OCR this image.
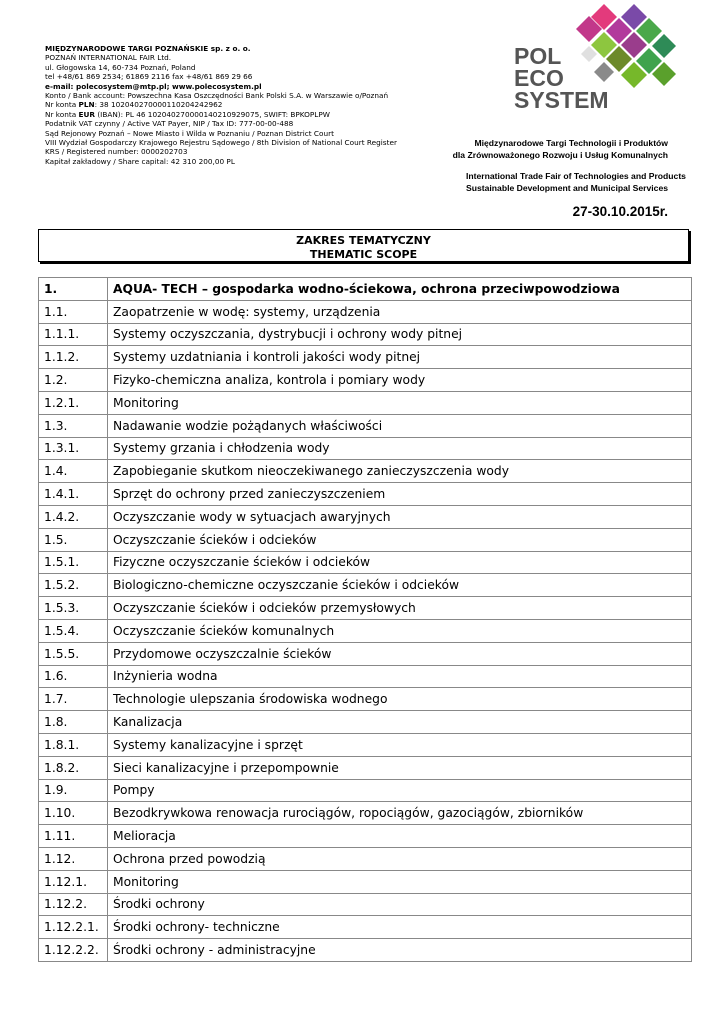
MIĘDZYNARODOWE TARGI POZNAŃSKIE sp. z o. o.
POZNAŃ INTERNATIONAL FAIR Ltd.
ul. Głogowska 14, 60-734 Poznań, Poland
tel +48/61 869 2534; 61869 2116 fax +48/61 869 29 66
e-mail: polecosystem@mtp.pl; www.polecosystem.pl
Konto / Bank account: Powszechna Kasa Oszczędności Bank Polski S.A. w Warszawie o/Poznań
Nr konta PLN: 38 102040270000110204242962
Nr konta EUR (IBAN): PL 46 102040270000140210929075, SWIFT: BPKOPLPW
Podatnik VAT czynny / Active VAT Payer, NIP / Tax ID: 777-00-00-488
Sąd Rejonowy Poznań – Nowe Miasto i Wilda w Poznaniu / Poznan District Court
VIII Wydział Gospodarczy Krajowego Rejestru Sądowego / 8th Division of National Court Register
KRS / Registered number: 0000202703
Kapitał zakładowy / Share capital: 42 310 200,00 PL
POL
ECO
SYSTEM
Międzynarodowe Targi Technologii i Produktów
dla Zrównoważonego Rozwoju i Usług Komunalnych
International Trade Fair of Technologies and Products
Sustainable Development and Municipal Services
27-30.10.2015r.
ZAKRES TEMATYCZNY
THEMATIC SCOPE
1.	AQUA- TECH – gospodarka wodno-ściekowa, ochrona przeciwpowodziowa
1.1.	Zaopatrzenie w wodę: systemy, urządzenia
1.1.1.	Systemy oczyszczania, dystrybucji i ochrony wody pitnej
1.1.2.	Systemy uzdatniania i kontroli jakości wody pitnej
1.2.	Fizyko-chemiczna analiza, kontrola i pomiary wody
1.2.1.	Monitoring
1.3.	Nadawanie wodzie pożądanych właściwości
1.3.1.	Systemy grzania i chłodzenia wody
1.4.	Zapobieganie skutkom nieoczekiwanego zanieczyszczenia wody
1.4.1.	Sprzęt do ochrony przed zanieczyszczeniem
1.4.2.	Oczyszczanie wody w sytuacjach awaryjnych
1.5.	Oczyszczanie ścieków i odcieków
1.5.1.	Fizyczne oczyszczanie ścieków i odcieków
1.5.2.	Biologiczno-chemiczne oczyszczanie ścieków i odcieków
1.5.3.	Oczyszczanie ścieków i odcieków przemysłowych
1.5.4.	Oczyszczanie ścieków komunalnych
1.5.5.	Przydomowe oczyszczalnie ścieków
1.6.	Inżynieria wodna
1.7.	Technologie ulepszania środowiska wodnego
1.8.	Kanalizacja
1.8.1.	Systemy kanalizacyjne i sprzęt
1.8.2.	Sieci kanalizacyjne i przepompownie
1.9.	Pompy
1.10.	Bezodkrywkowa renowacja rurociągów, ropociągów, gazociągów, zbiorników
1.11.	Melioracja
1.12.	Ochrona przed powodzią
1.12.1.	Monitoring
1.12.2.	Środki ochrony
1.12.2.1.	Środki ochrony- techniczne
1.12.2.2.	Środki ochrony - administracyjne
